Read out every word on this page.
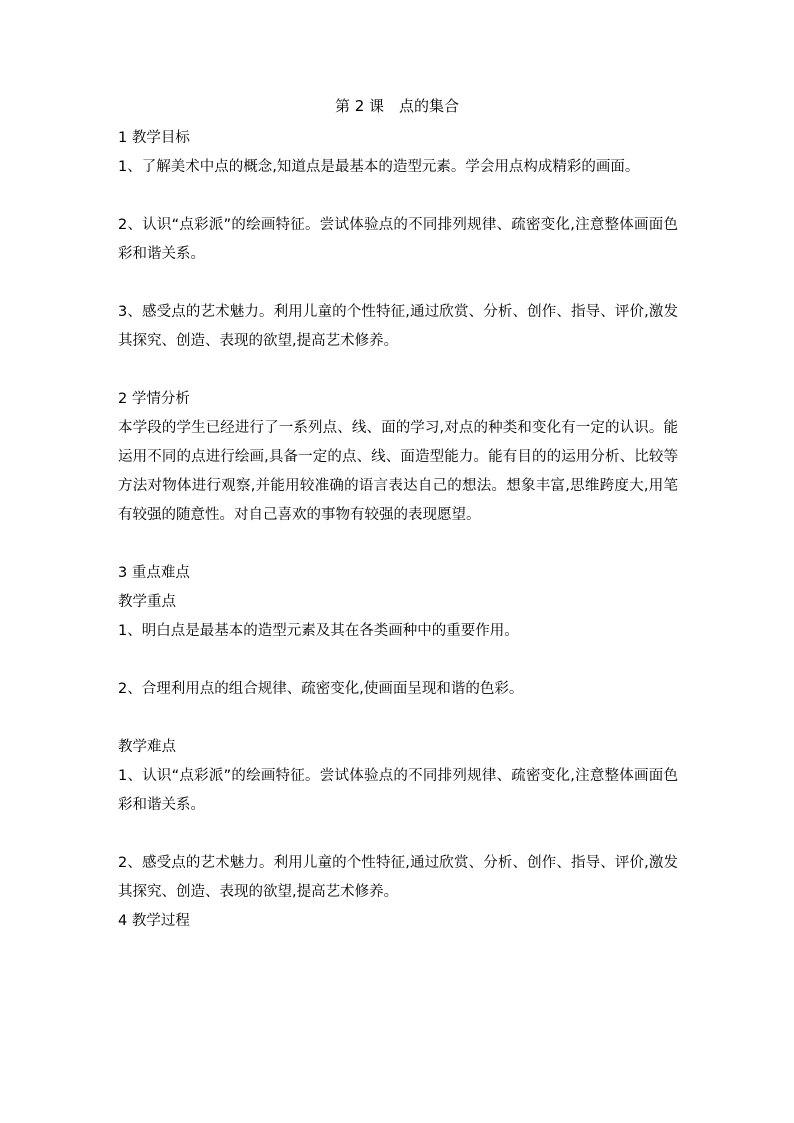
第 2 课　点的集合

1 教学目标

1、了解美术中点的概念,知道点是最基本的造型元素。学会用点构成精彩的画面。

2、认识“点彩派”的绘画特征。尝试体验点的不同排列规律、疏密变化,注意整体画面色彩和谐关系。

3、感受点的艺术魅力。利用儿童的个性特征,通过欣赏、分析、创作、指导、评价,激发其探究、创造、表现的欲望,提高艺术修养。

2 学情分析

本学段的学生已经进行了一系列点、线、面的学习,对点的种类和变化有一定的认识。能运用不同的点进行绘画,具备一定的点、线、面造型能力。能有目的的运用分析、比较等方法对物体进行观察,并能用较准确的语言表达自己的想法。想象丰富,思维跨度大,用笔有较强的随意性。对自己喜欢的事物有较强的表现愿望。

3 重点难点

教学重点

1、明白点是最基本的造型元素及其在各类画种中的重要作用。

2、合理利用点的组合规律、疏密变化,使画面呈现和谐的色彩。

教学难点

1、认识“点彩派”的绘画特征。尝试体验点的不同排列规律、疏密变化,注意整体画面色彩和谐关系。

2、感受点的艺术魅力。利用儿童的个性特征,通过欣赏、分析、创作、指导、评价,激发其探究、创造、表现的欲望,提高艺术修养。

4 教学过程
